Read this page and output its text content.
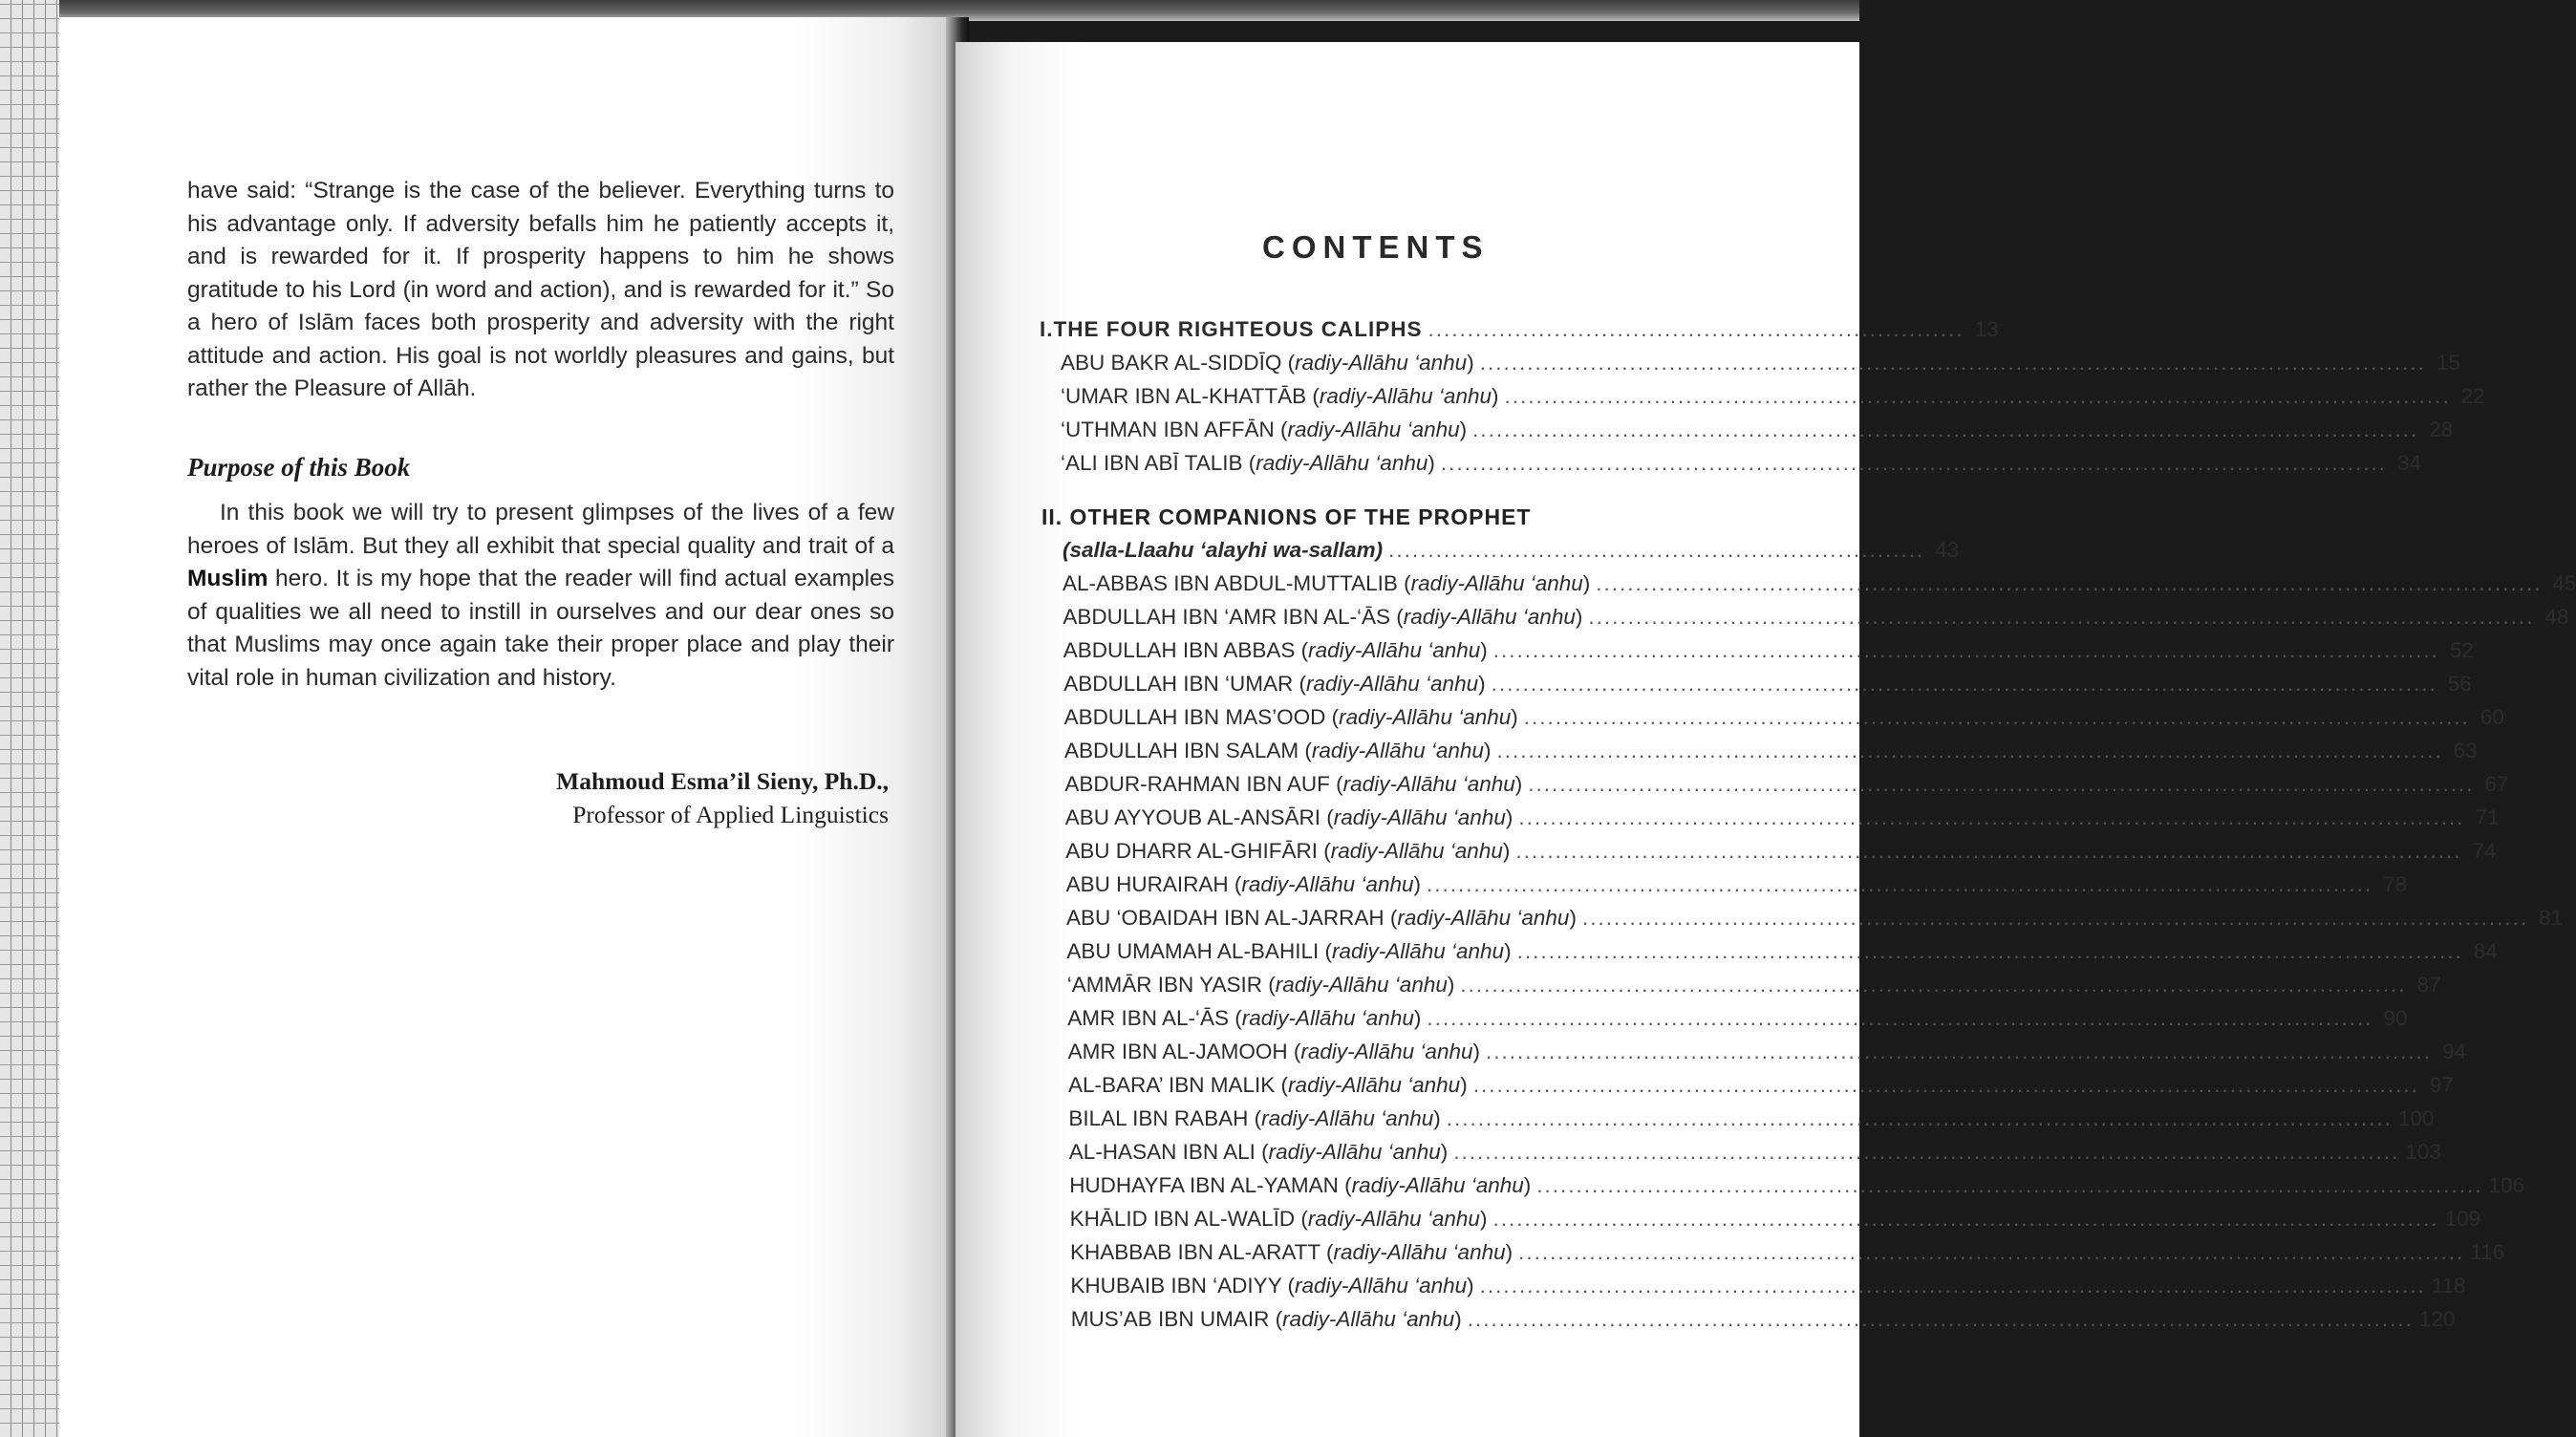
have said: “Strange is the case of the believer. Everything turns to his advantage only. If adversity befalls him he patiently accepts it, and is rewarded for it. If prosperity happens to him he shows gratitude to his Lord (in word and action), and is rewarded for it.” So a hero of Islām faces both prosperity and adversity with the right attitude and action. His goal is not worldly pleasures and gains, but rather the Pleasure of Allāh.
Purpose of this Book
In this book we will try to present glimpses of the lives of a few heroes of Islām. But they all exhibit that special quality and trait of a Muslim hero. It is my hope that the reader will find actual examples of qualities we all need to instill in ourselves and our dear ones so that Muslims may once again take their proper place and play their vital role in human civilization and history.
Mahmoud Esma’il Sieny, Ph.D.,
Professor of Applied Linguistics
CONTENTS
I.THE FOUR RIGHTEOUS CALIPHS .................................................................... 13
ABU BAKR AL-SIDDĪQ (radiy-Allāhu ‘anhu) ........................................................................................................................ 15
‘UMAR IBN AL-KHATTĀB (radiy-Allāhu ‘anhu) ........................................................................................................................ 22
‘UTHMAN IBN AFFĀN (radiy-Allāhu ‘anhu) ........................................................................................................................ 28
‘ALI IBN ABĪ TALIB (radiy-Allāhu ‘anhu) ........................................................................................................................ 34
II. OTHER COMPANIONS OF THE PROPHET
(salla-Llaahu ‘alayhi wa-sallam) .................................................................... 43
AL-ABBAS IBN ABDUL-MUTTALIB (radiy-Allāhu ‘anhu) ........................................................................................................................ 45
ABDULLAH IBN ‘AMR IBN AL-‘ĀS (radiy-Allāhu ‘anhu) ........................................................................................................................ 48
ABDULLAH IBN ABBAS (radiy-Allāhu ‘anhu) ........................................................................................................................ 52
ABDULLAH IBN ‘UMAR (radiy-Allāhu ‘anhu) ........................................................................................................................ 56
ABDULLAH IBN MAS’OOD (radiy-Allāhu ‘anhu) ........................................................................................................................ 60
ABDULLAH IBN SALAM (radiy-Allāhu ‘anhu) ........................................................................................................................ 63
ABDUR-RAHMAN IBN AUF (radiy-Allāhu ‘anhu) ........................................................................................................................ 67
ABU AYYOUB AL-ANSĀRI (radiy-Allāhu ‘anhu) ........................................................................................................................ 71
ABU DHARR AL-GHIFĀRI (radiy-Allāhu ‘anhu) ........................................................................................................................ 74
ABU HURAIRAH (radiy-Allāhu ‘anhu) ........................................................................................................................ 78
ABU ‘OBAIDAH IBN AL-JARRAH (radiy-Allāhu ‘anhu) ........................................................................................................................ 81
ABU UMAMAH AL-BAHILI (radiy-Allāhu ‘anhu) ........................................................................................................................ 84
‘AMMĀR IBN YASIR (radiy-Allāhu ‘anhu) ........................................................................................................................ 87
AMR IBN AL-‘ĀS (radiy-Allāhu ‘anhu) ........................................................................................................................ 90
AMR IBN AL-JAMOOH (radiy-Allāhu ‘anhu) ........................................................................................................................ 94
AL-BARA’ IBN MALIK (radiy-Allāhu ‘anhu) ........................................................................................................................ 97
BILAL IBN RABAH (radiy-Allāhu ‘anhu) ........................................................................................................................ 100
AL-HASAN IBN ALI (radiy-Allāhu ‘anhu) ........................................................................................................................ 103
HUDHAYFA IBN AL-YAMAN (radiy-Allāhu ‘anhu) ........................................................................................................................ 106
KHĀLID IBN AL-WALĪD (radiy-Allāhu ‘anhu) ........................................................................................................................ 109
KHABBAB IBN AL-ARATT (radiy-Allāhu ‘anhu) ........................................................................................................................ 116
KHUBAIB IBN ‘ADIYY (radiy-Allāhu ‘anhu) ........................................................................................................................ 118
MUS’AB IBN UMAIR (radiy-Allāhu ‘anhu) ........................................................................................................................ 120
